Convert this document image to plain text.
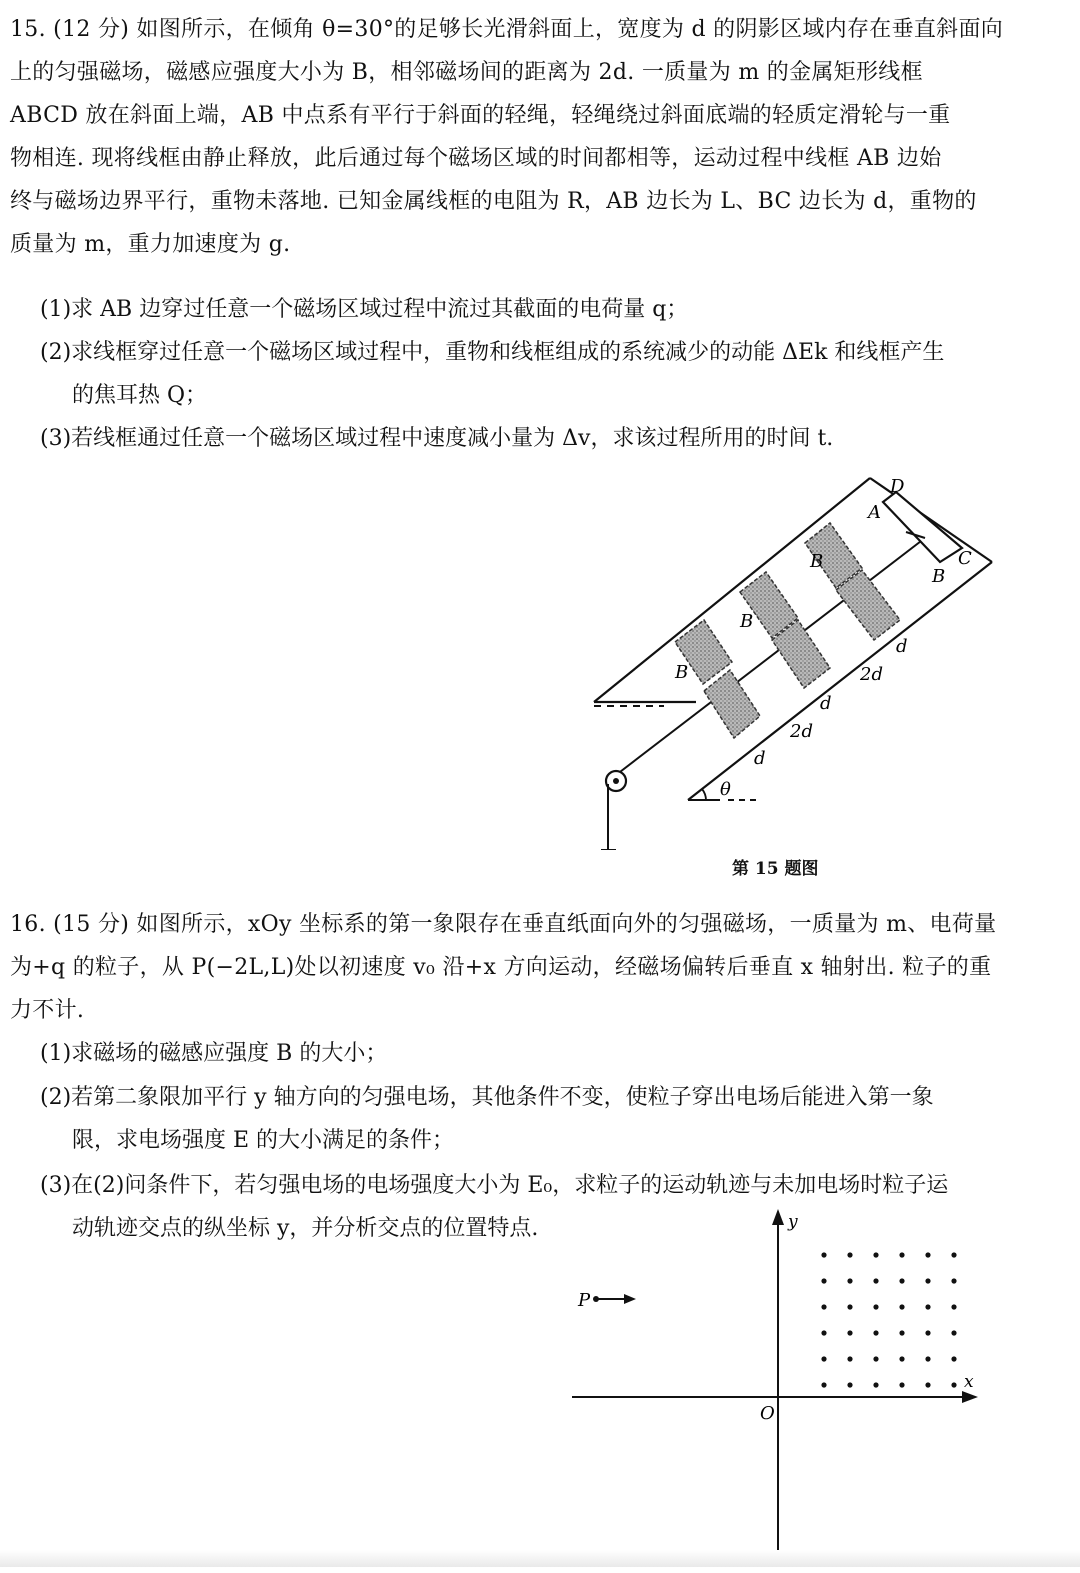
15. (12 分) 如图所示，在倾角 θ=30°的足够长光滑斜面上，宽度为 d 的阴影区域内存在垂直斜面向

上的匀强磁场，磁感应强度大小为 B，相邻磁场间的距离为 2d. 一质量为 m 的金属矩形线框

ABCD 放在斜面上端，AB 中点系有平行于斜面的轻绳，轻绳绕过斜面底端的轻质定滑轮与一重

物相连. 现将线框由静止释放，此后通过每个磁场区域的时间都相等，运动过程中线框 AB 边始

终与磁场边界平行，重物未落地. 已知金属线框的电阻为 R，AB 边长为 L、BC 边长为 d，重物的

质量为 m，重力加速度为 g.

(1)求 AB 边穿过任意一个磁场区域过程中流过其截面的电荷量 q；
(2)求线框穿过任意一个磁场区域过程中，重物和线框组成的系统减少的动能 ΔEk 和线框产生
的焦耳热 Q；
(3)若线框通过任意一个磁场区域过程中速度减小量为 Δv，求该过程所用的时间 t.
B
B
B
d
2d
d
2d
d
A
D
C
B
θ
第 15 题图

16. (15 分) 如图所示，xOy 坐标系的第一象限存在垂直纸面向外的匀强磁场，一质量为 m、电荷量

为+q 的粒子，从 P(−2L,L)处以初速度 v₀ 沿+x 方向运动，经磁场偏转后垂直 x 轴射出. 粒子的重

力不计.

(1)求磁场的磁感应强度 B 的大小；
(2)若第二象限加平行 y 轴方向的匀强电场，其他条件不变，使粒子穿出电场后能进入第一象
限，求电场强度 E 的大小满足的条件；
(3)在(2)问条件下，若匀强电场的电场强度大小为 E₀，求粒子的运动轨迹与未加电场时粒子运
动轨迹交点的纵坐标 y，并分析交点的位置特点.	y
x
O
P
